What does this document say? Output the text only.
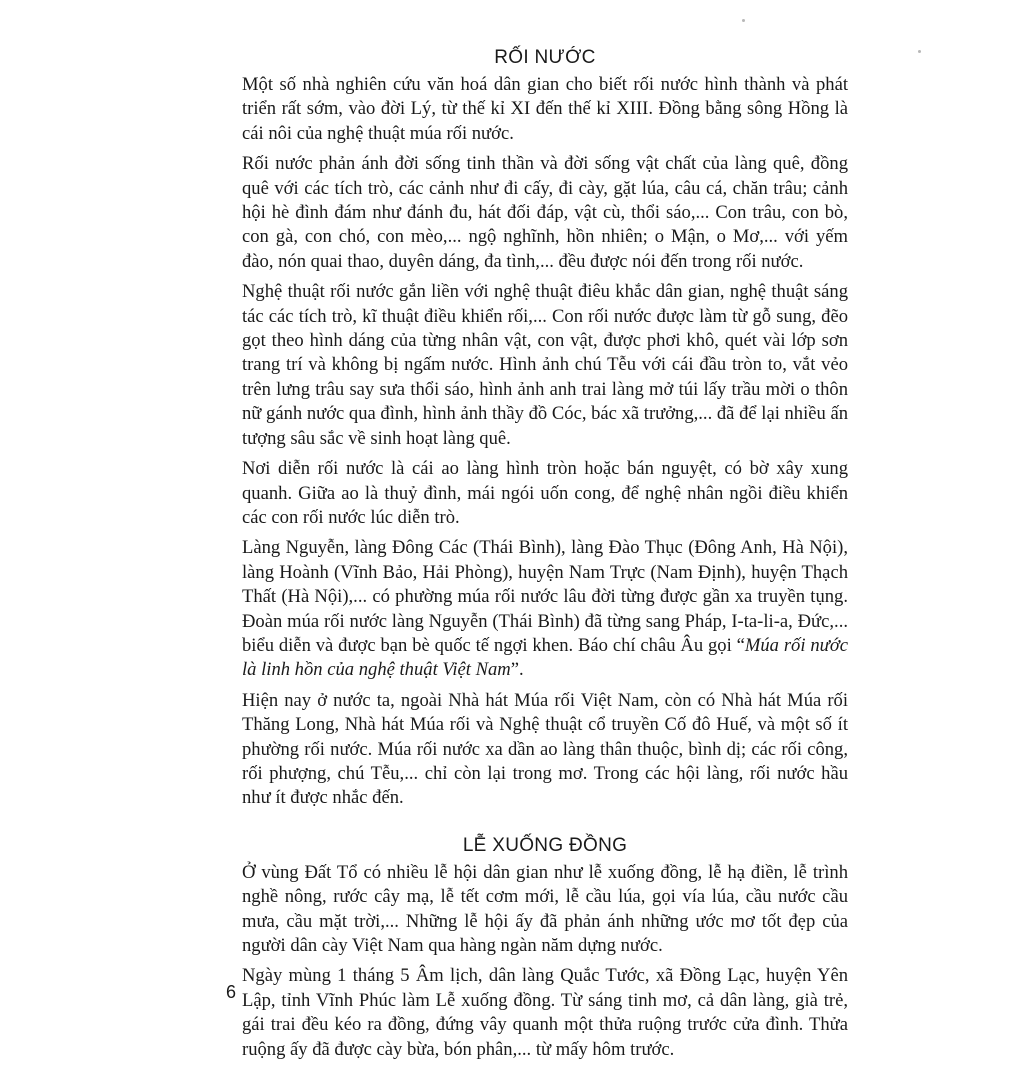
RỐI NƯỚC

Một số nhà nghiên cứu văn hoá dân gian cho biết rối nước hình thành và phát triển rất sớm, vào đời Lý, từ thế kỉ XI đến thế kỉ XIII. Đồng bằng sông Hồng là cái nôi của nghệ thuật múa rối nước.

Rối nước phản ánh đời sống tinh thần và đời sống vật chất của làng quê, đồng quê với các tích trò, các cảnh như đi cấy, đi cày, gặt lúa, câu cá, chăn trâu; cảnh hội hè đình đám như đánh đu, hát đối đáp, vật cù, thổi sáo,... Con trâu, con bò, con gà, con chó, con mèo,... ngộ nghĩnh, hồn nhiên; o Mận, o Mơ,... với yếm đào, nón quai thao, duyên dáng, đa tình,... đều được nói đến trong rối nước.

Nghệ thuật rối nước gắn liền với nghệ thuật điêu khắc dân gian, nghệ thuật sáng tác các tích trò, kĩ thuật điều khiển rối,... Con rối nước được làm từ gỗ sung, đẽo gọt theo hình dáng của từng nhân vật, con vật, được phơi khô, quét vài lớp sơn trang trí và không bị ngấm nước. Hình ảnh chú Tễu với cái đầu tròn to, vắt vẻo trên lưng trâu say sưa thổi sáo, hình ảnh anh trai làng mở túi lấy trầu mời o thôn nữ gánh nước qua đình, hình ảnh thầy đồ Cóc, bác xã trưởng,... đã để lại nhiều ấn tượng sâu sắc về sinh hoạt làng quê.

Nơi diễn rối nước là cái ao làng hình tròn hoặc bán nguyệt, có bờ xây xung quanh. Giữa ao là thuỷ đình, mái ngói uốn cong, để nghệ nhân ngồi điều khiển các con rối nước lúc diễn trò.

Làng Nguyễn, làng Đông Các (Thái Bình), làng Đào Thục (Đông Anh, Hà Nội), làng Hoành (Vĩnh Bảo, Hải Phòng), huyện Nam Trực (Nam Định), huyện Thạch Thất (Hà Nội),... có phường múa rối nước lâu đời từng được gần xa truyền tụng. Đoàn múa rối nước làng Nguyễn (Thái Bình) đã từng sang Pháp, I-ta-li-a, Đức,... biểu diễn và được bạn bè quốc tế ngợi khen. Báo chí châu Âu gọi “Múa rối nước là linh hồn của nghệ thuật Việt Nam”.

Hiện nay ở nước ta, ngoài Nhà hát Múa rối Việt Nam, còn có Nhà hát Múa rối Thăng Long, Nhà hát Múa rối và Nghệ thuật cổ truyền Cố đô Huế, và một số ít phường rối nước. Múa rối nước xa dần ao làng thân thuộc, bình dị; các rối công, rối phượng, chú Tễu,... chỉ còn lại trong mơ. Trong các hội làng, rối nước hầu như ít được nhắc đến.

LỄ XUỐNG ĐỒNG

Ở vùng Đất Tổ có nhiều lễ hội dân gian như lễ xuống đồng, lễ hạ điền, lễ trình nghề nông, rước cây mạ, lễ tết cơm mới, lễ cầu lúa, gọi vía lúa, cầu nước cầu mưa, cầu mặt trời,... Những lễ hội ấy đã phản ánh những ước mơ tốt đẹp của người dân cày Việt Nam qua hàng ngàn năm dựng nước.

Ngày mùng 1 tháng 5 Âm lịch, dân làng Quắc Tước, xã Đồng Lạc, huyện Yên Lập, tỉnh Vĩnh Phúc làm Lễ xuống đồng. Từ sáng tinh mơ, cả dân làng, già trẻ, gái trai đều kéo ra đồng, đứng vây quanh một thửa ruộng trước cửa đình. Thửa ruộng ấy đã được cày bừa, bón phân,... từ mấy hôm trước.

6
